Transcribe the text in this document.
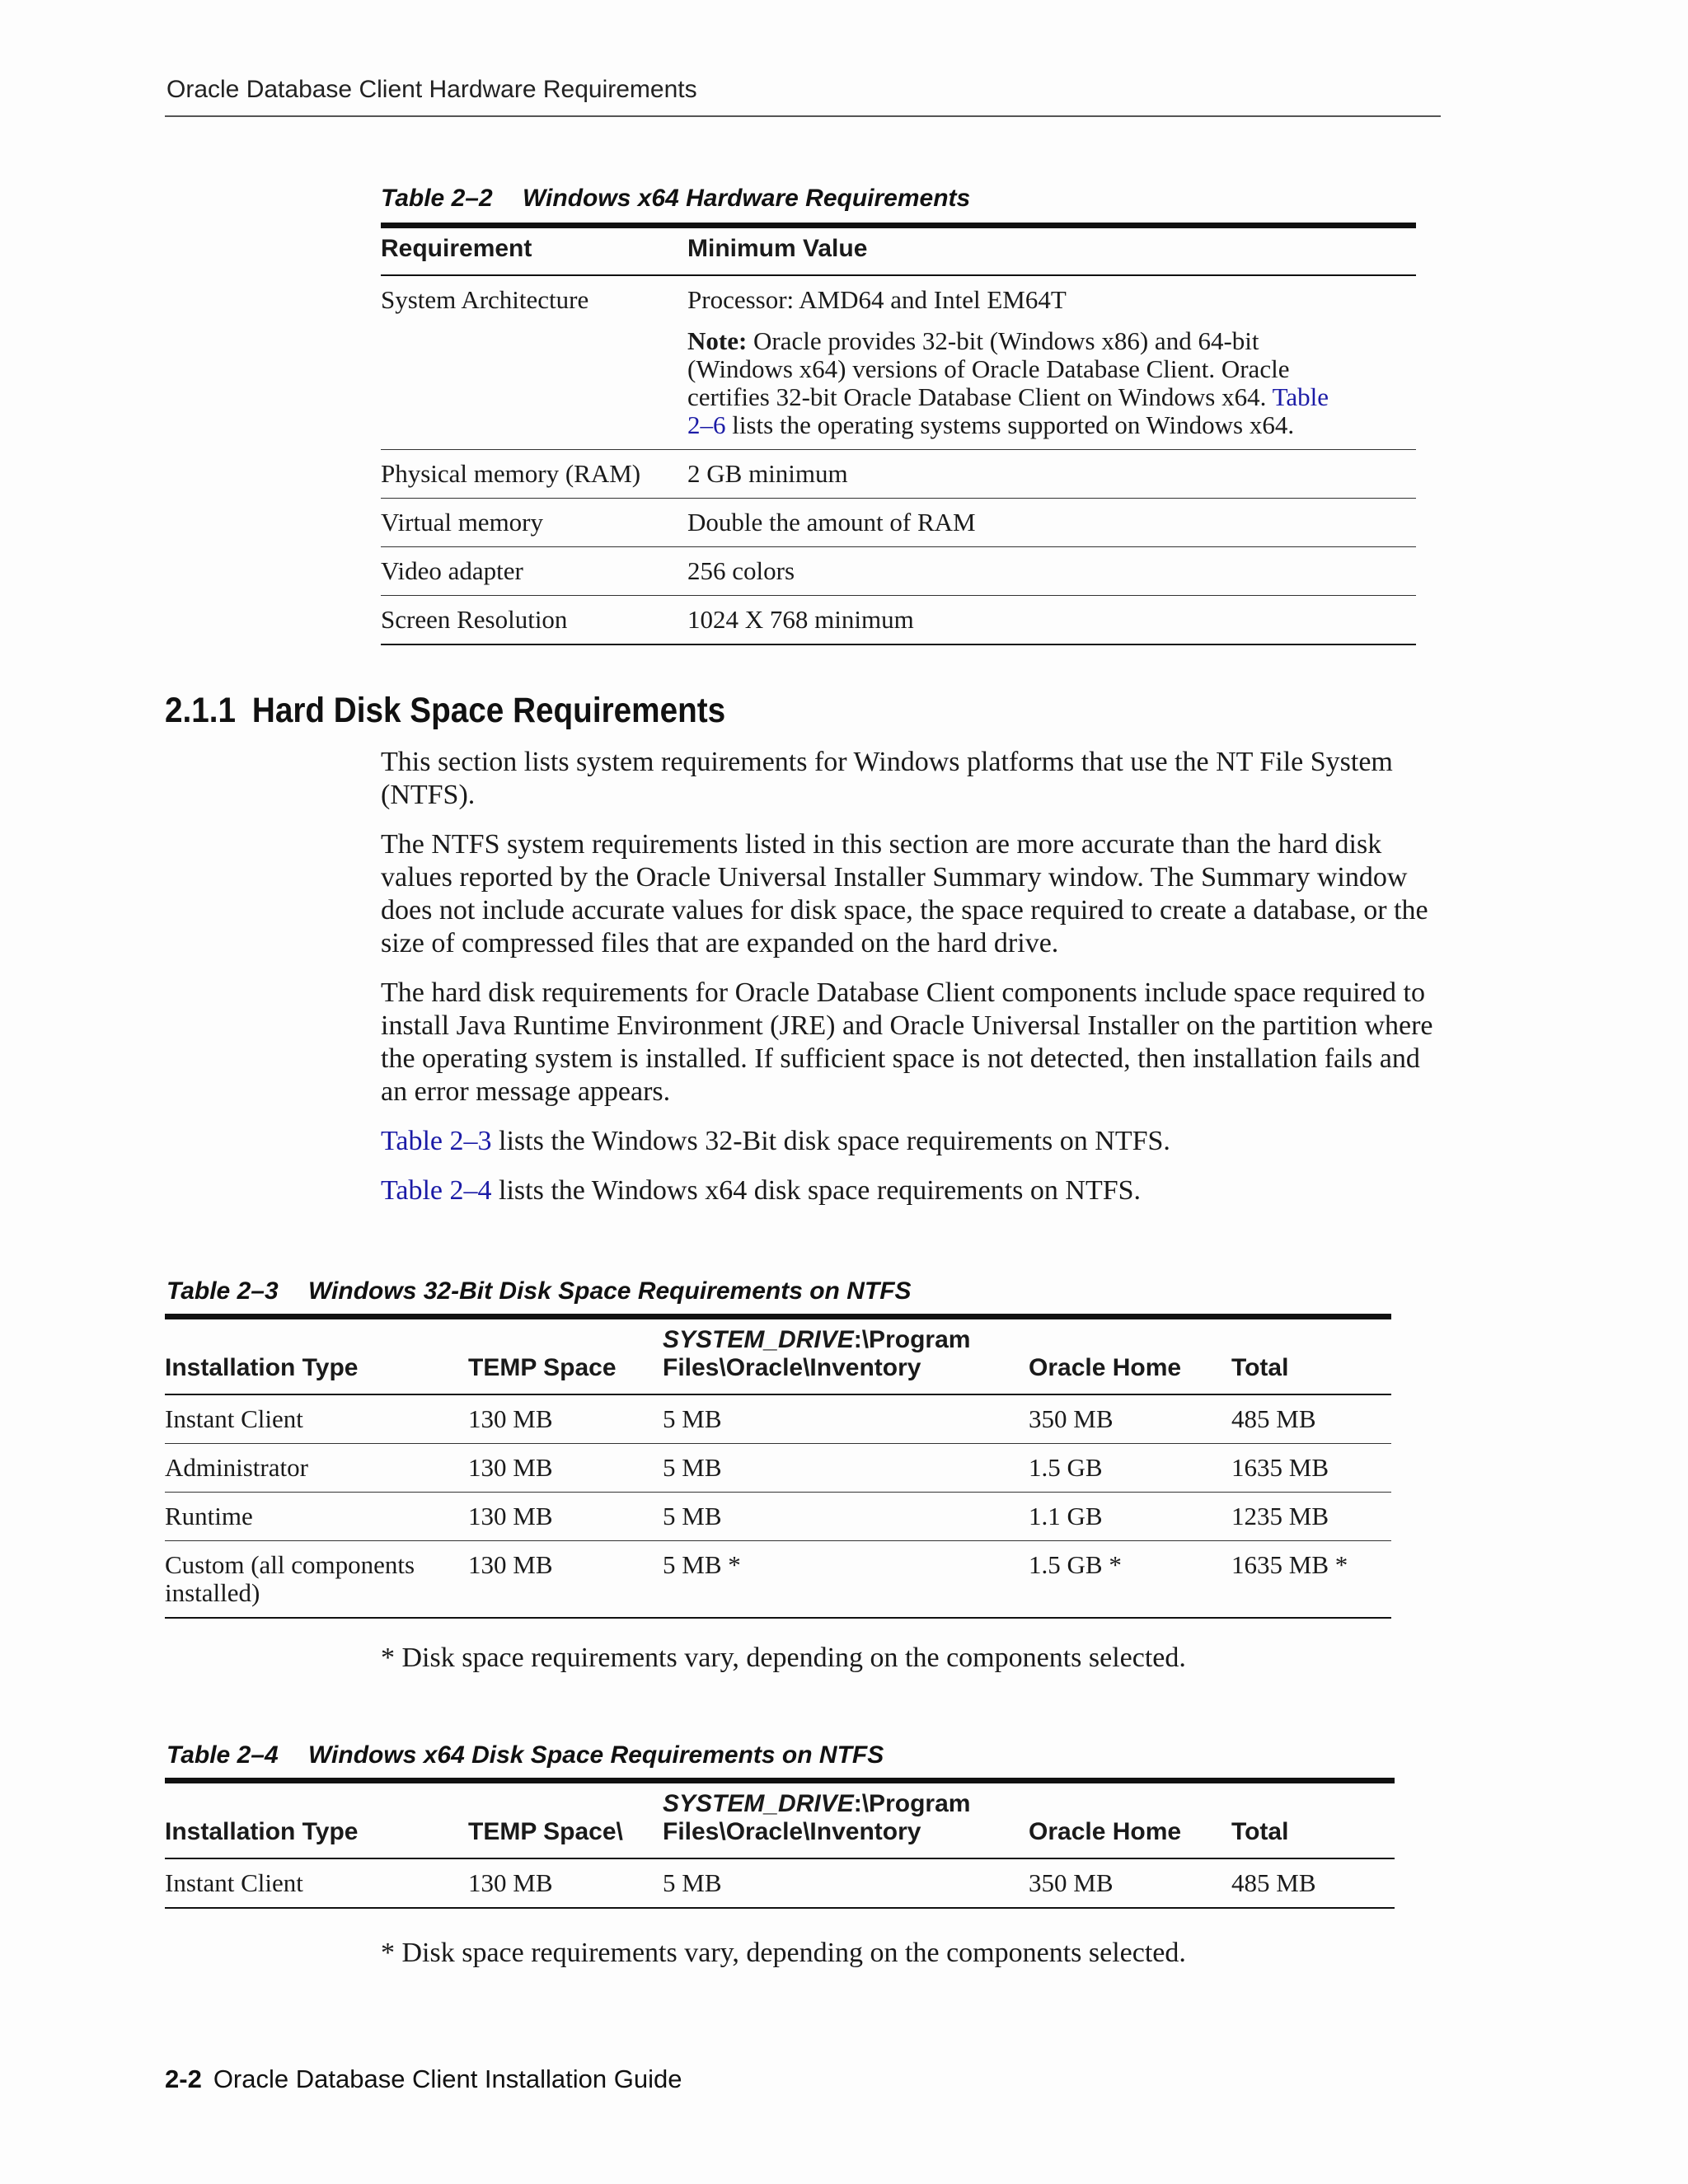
Oracle Database Client Hardware Requirements
Table 2–2 Windows x64 Hardware Requirements
Requirement	Minimum Value
System Architecture	Processor: AMD64 and Intel EM64T
Note: Oracle provides 32-bit (Windows x86) and 64-bit (Windows x64) versions of Oracle Database Client. Oracle certifies 32-bit Oracle Database Client on Windows x64. Table 2–6 lists the operating systems supported on Windows x64.

Physical memory (RAM)	2 GB minimum
Virtual memory	Double the amount of RAM
Video adapter	256 colors
Screen Resolution	1024 X 768 minimum
2.1.1 Hard Disk Space Requirements

This section lists system requirements for Windows platforms that use the NT File System (NTFS).

The NTFS system requirements listed in this section are more accurate than the hard disk values reported by the Oracle Universal Installer Summary window. The Summary window does not include accurate values for disk space, the space required to create a database, or the size of compressed files that are expanded on the hard drive.

The hard disk requirements for Oracle Database Client components include space required to install Java Runtime Environment (JRE) and Oracle Universal Installer on the partition where the operating system is installed. If sufficient space is not detected, then installation fails and an error message appears.

Table 2–3 lists the Windows 32-Bit disk space requirements on NTFS.

Table 2–4 lists the Windows x64 disk space requirements on NTFS.

Table 2–3 Windows 32-Bit Disk Space Requirements on NTFS
Installation Type	TEMP Space	SYSTEM_DRIVE:\Program Files\Oracle\Inventory	Oracle Home	Total
Instant Client	130 MB	5 MB	350 MB	485 MB
Administrator	130 MB	5 MB	1.5 GB	1635 MB
Runtime	130 MB	5 MB	1.1 GB	1235 MB
Custom (all components installed)	130 MB	5 MB *	1.5 GB *	1635 MB *
* Disk space requirements vary, depending on the components selected.
Table 2–4 Windows x64 Disk Space Requirements on NTFS
Installation Type	TEMP Space\	SYSTEM_DRIVE:\Program Files\Oracle\Inventory	Oracle Home	Total
Instant Client	130 MB	5 MB	350 MB	485 MB
* Disk space requirements vary, depending on the components selected.
2-2 Oracle Database Client Installation Guide
